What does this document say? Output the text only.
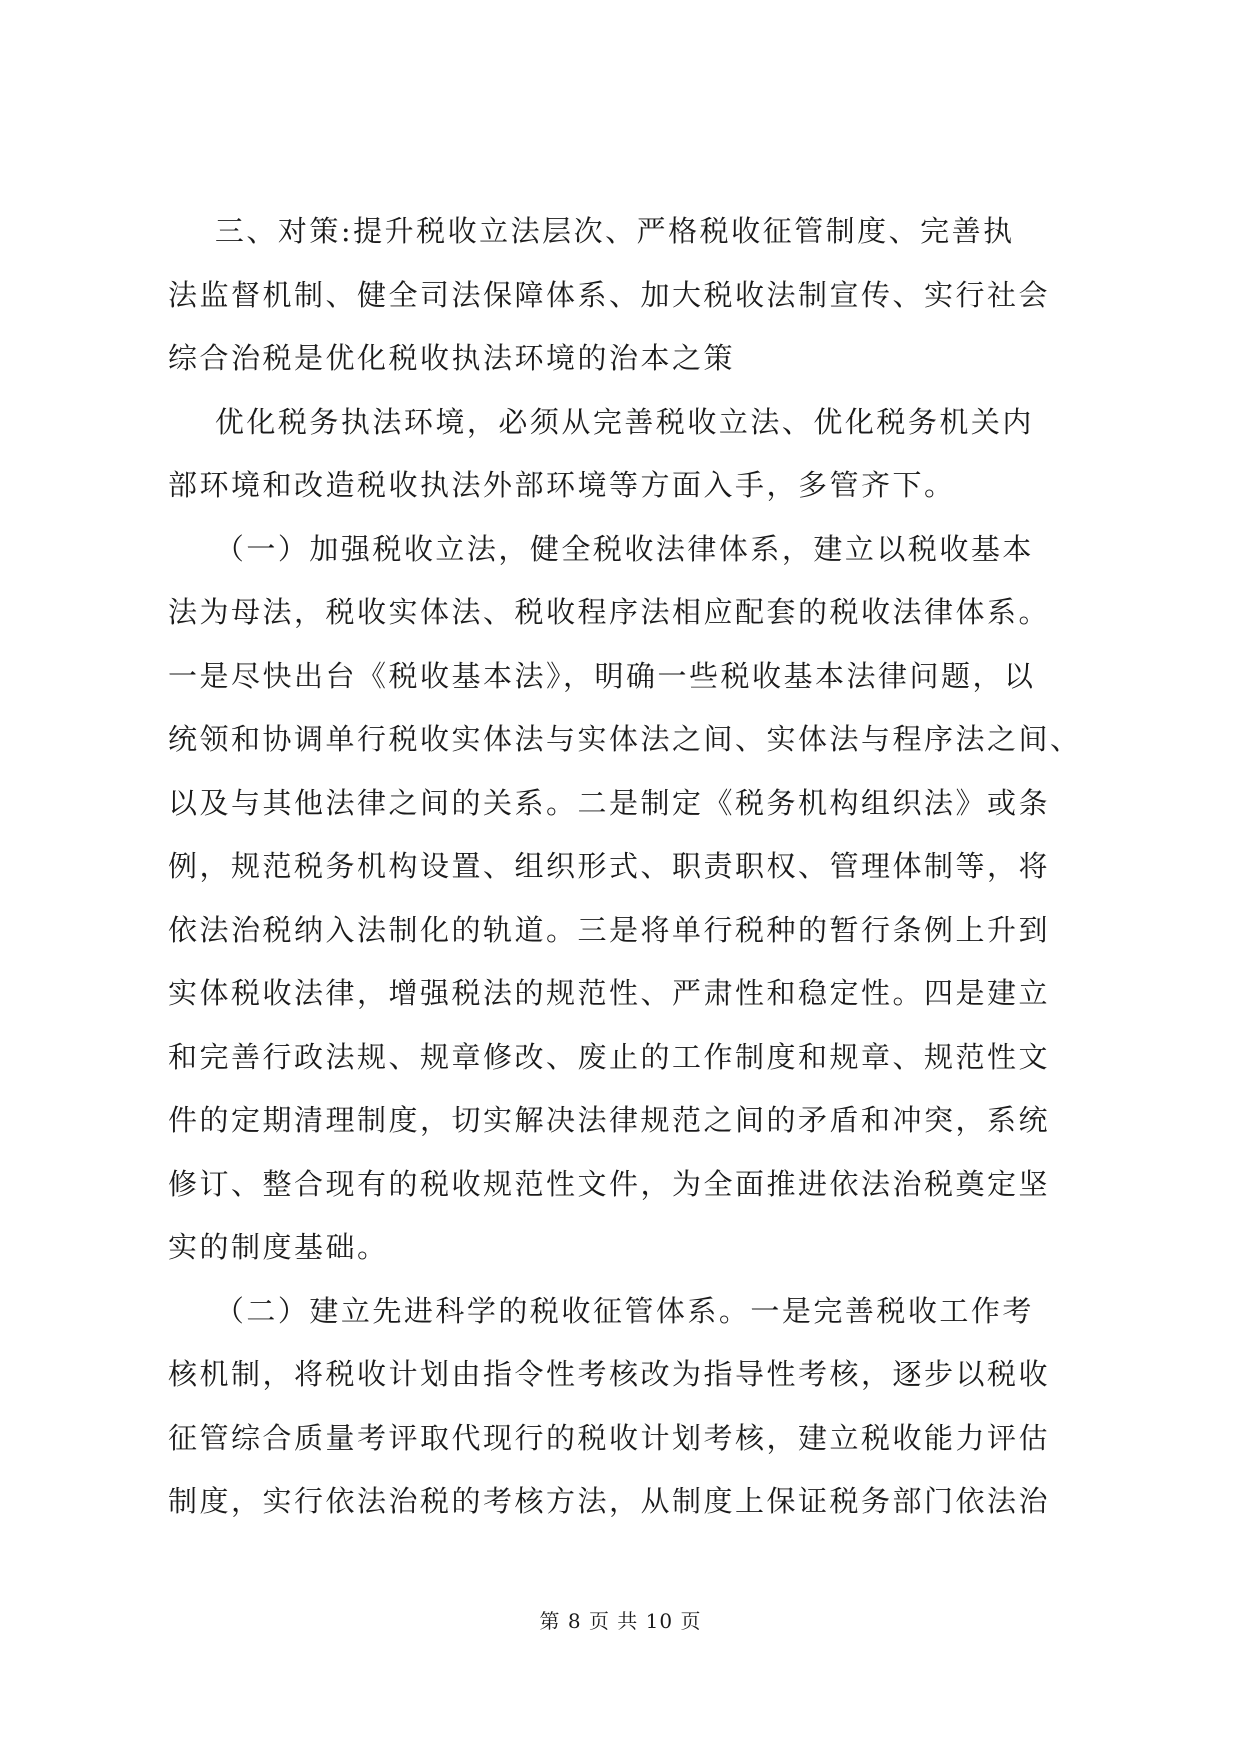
三、对策:提升税收立法层次、严格税收征管制度、完善执
法监督机制、健全司法保障体系、加大税收法制宣传、实行社会
综合治税是优化税收执法环境的治本之策
优化税务执法环境，必须从完善税收立法、优化税务机关内
部环境和改造税收执法外部环境等方面入手，多管齐下。
（一）加强税收立法，健全税收法律体系，建立以税收基本
法为母法，税收实体法、税收程序法相应配套的税收法律体系。
一是尽快出台《税收基本法》，明确一些税收基本法律问题，以
统领和协调单行税收实体法与实体法之间、实体法与程序法之间、
以及与其他法律之间的关系。二是制定《税务机构组织法》或条
例，规范税务机构设置、组织形式、职责职权、管理体制等，将
依法治税纳入法制化的轨道。三是将单行税种的暂行条例上升到
实体税收法律，增强税法的规范性、严肃性和稳定性。四是建立
和完善行政法规、规章修改、废止的工作制度和规章、规范性文
件的定期清理制度，切实解决法律规范之间的矛盾和冲突，系统
修订、整合现有的税收规范性文件，为全面推进依法治税奠定坚
实的制度基础。
（二）建立先进科学的税收征管体系。一是完善税收工作考
核机制，将税收计划由指令性考核改为指导性考核，逐步以税收
征管综合质量考评取代现行的税收计划考核，建立税收能力评估
制度，实行依法治税的考核方法，从制度上保证税务部门依法治
第 8 页 共 10 页
